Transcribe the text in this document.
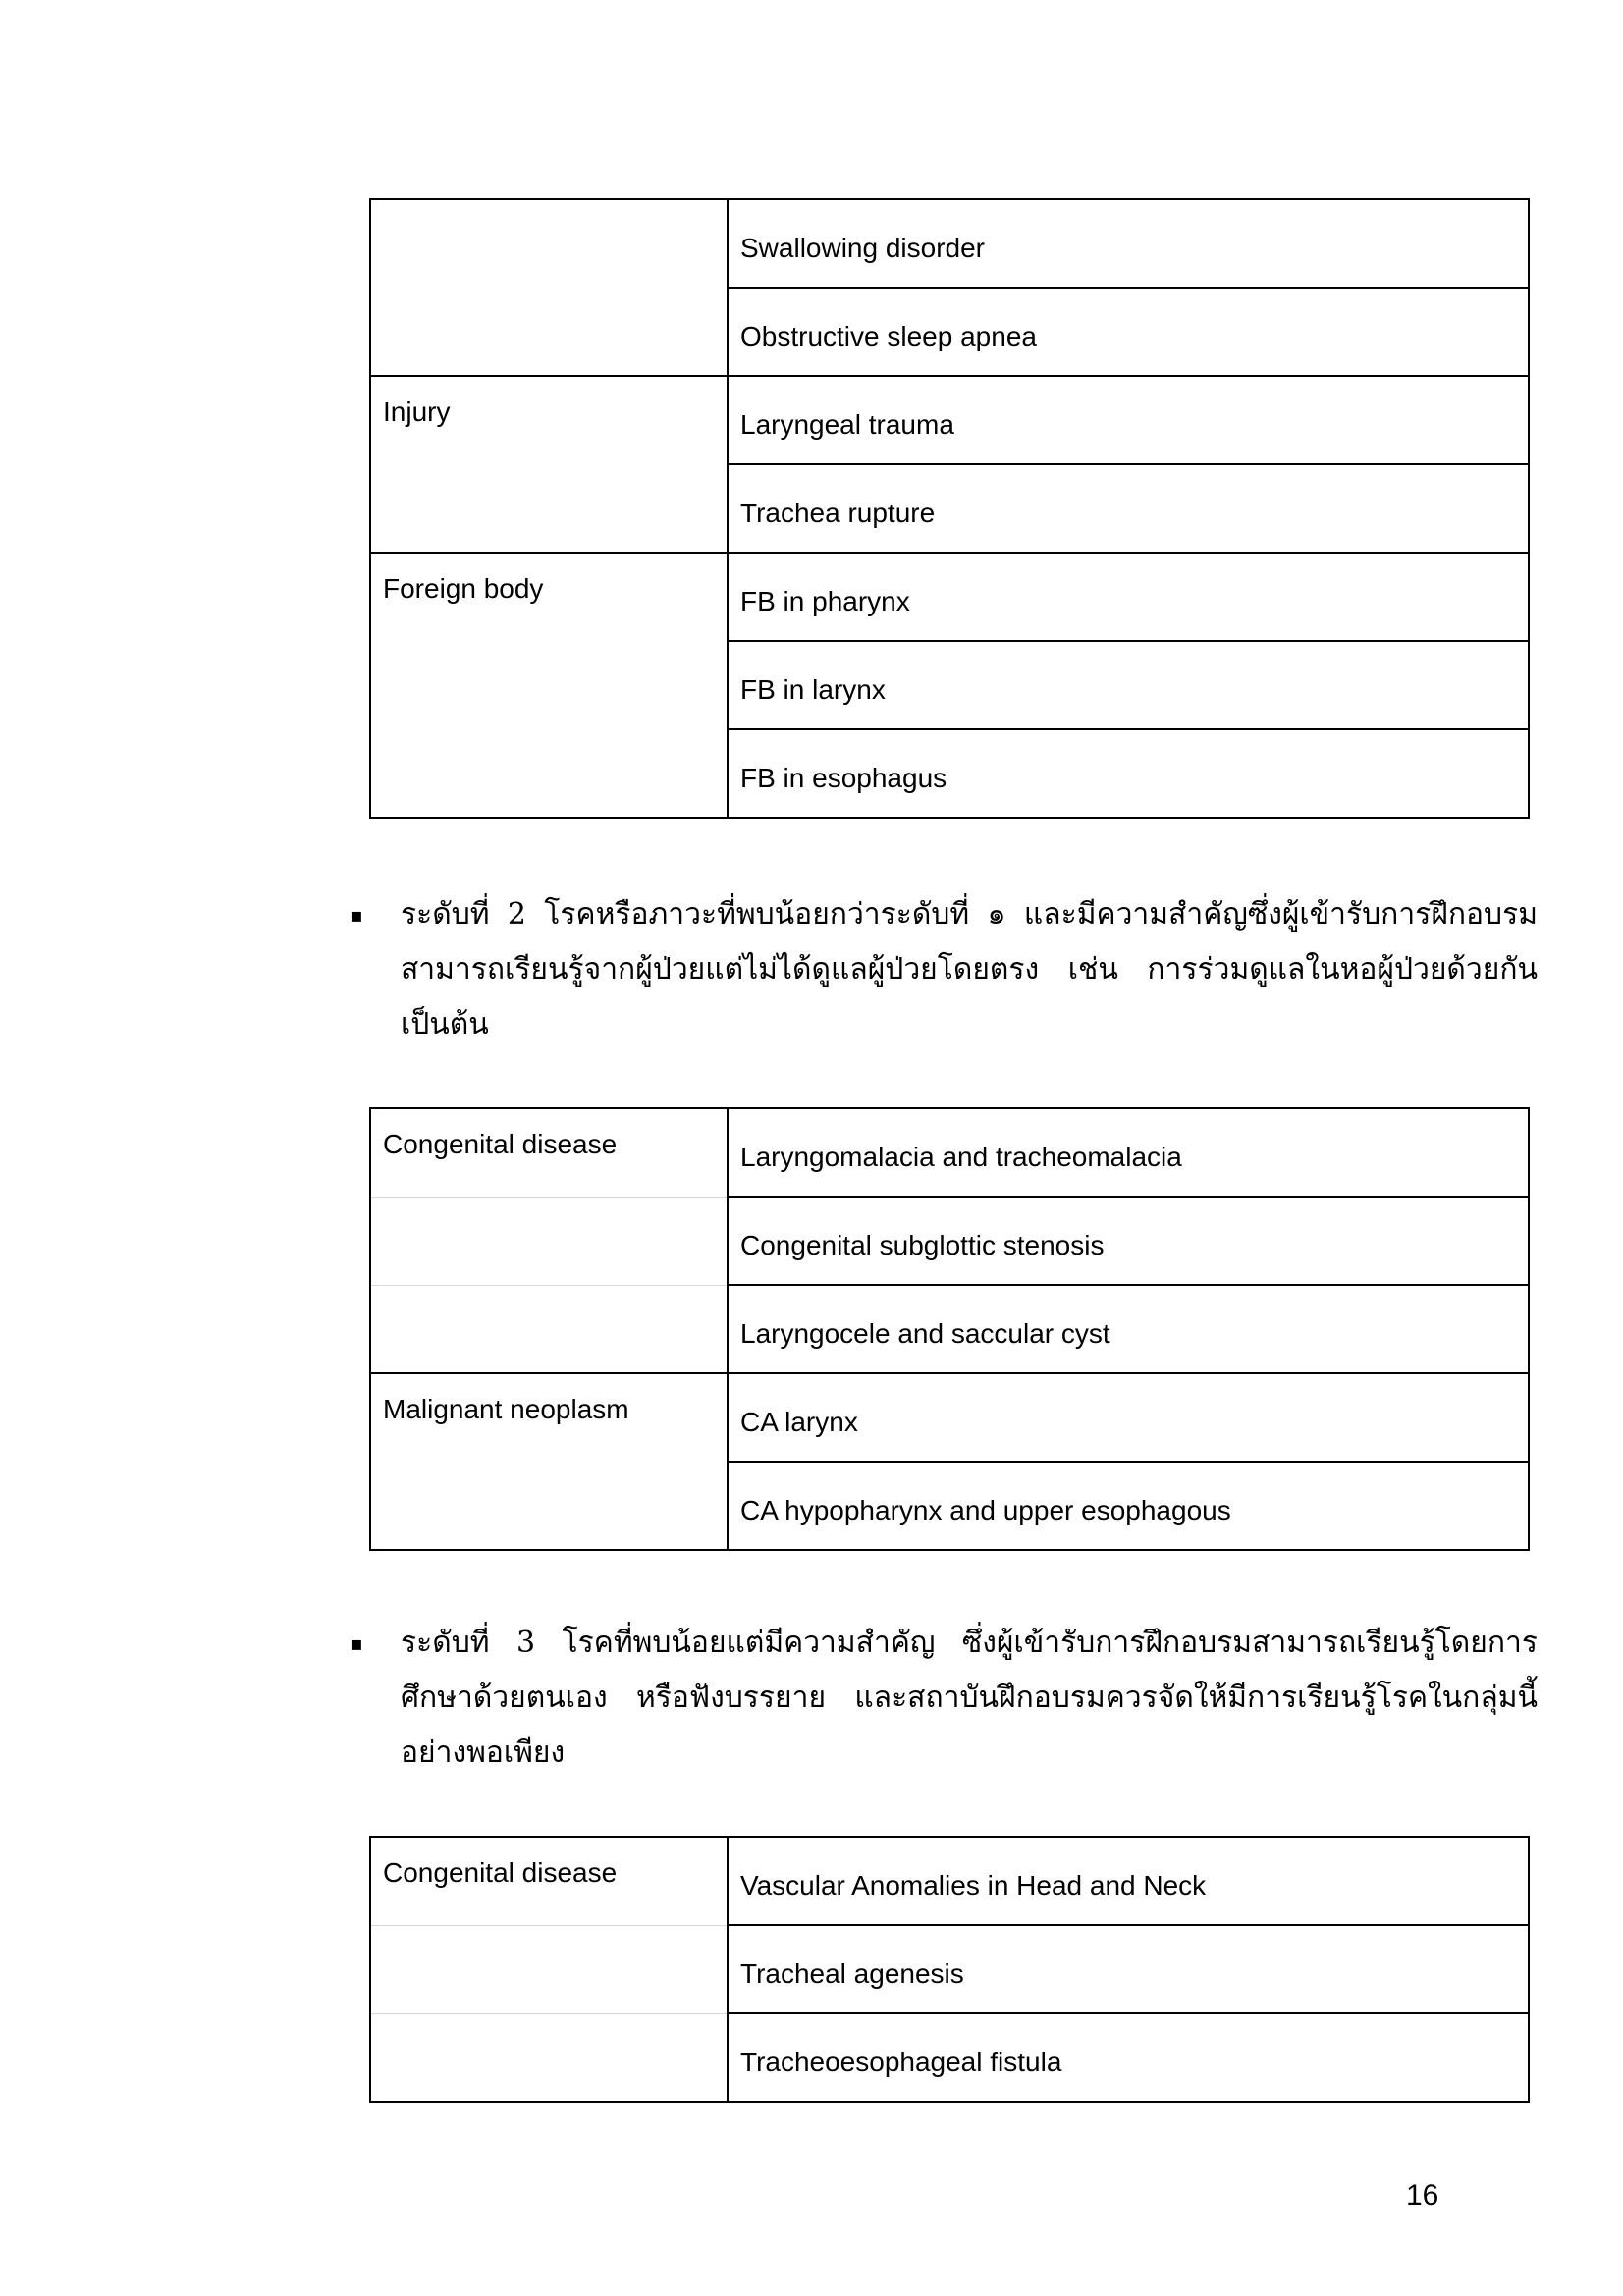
	Swallowing disorder
	Obstructive sleep apnea
Injury	Laryngeal trauma
	Trachea rupture
Foreign body	FB in pharynx
	FB in larynx
	FB in esophagus
▪ ระดับที่ 2 โรคหรือภาวะที่พบน้อยกว่าระดับที่ ๑ และมีความสำคัญซึ่งผู้เข้ารับการฝึกอบรมสามารถเรียนรู้จากผู้ป่วยแต่ไม่ได้ดูแลผู้ป่วยโดยตรง เช่น การร่วมดูแลในหอผู้ป่วยด้วยกัน เป็นต้น
Congenital disease	Laryngomalacia and tracheomalacia
	Congenital subglottic stenosis
	Laryngocele and saccular cyst
Malignant neoplasm	CA larynx
	CA hypopharynx and upper esophagous
▪ ระดับที่ 3 โรคที่พบน้อยแต่มีความสำคัญ ซึ่งผู้เข้ารับการฝึกอบรมสามารถเรียนรู้โดยการศึกษาด้วยตนเอง หรือฟังบรรยาย และสถาบันฝึกอบรมควรจัดให้มีการเรียนรู้โรคในกลุ่มนี้อย่างพอเพียง
Congenital disease	Vascular Anomalies in Head and Neck
	Tracheal agenesis
	Tracheoesophageal fistula
16
